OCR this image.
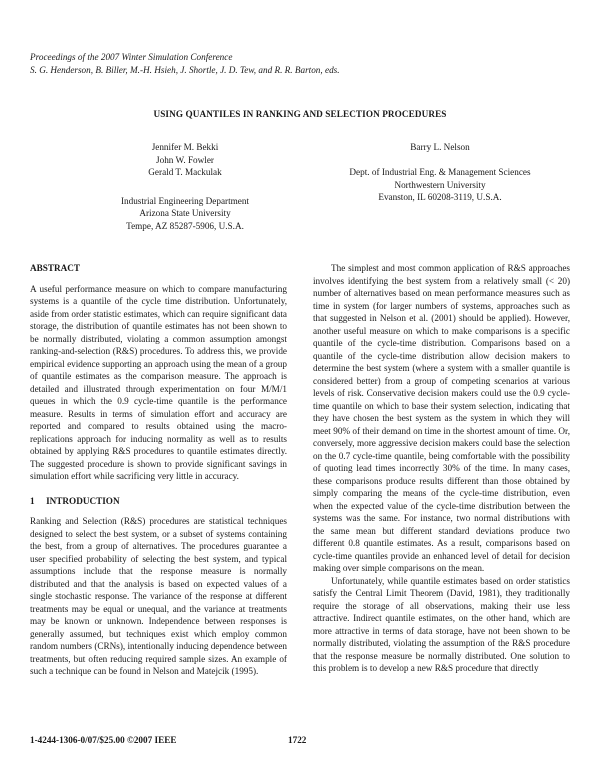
Proceedings of the 2007 Winter Simulation Conference
S. G. Henderson, B. Biller, M.-H. Hsieh, J. Shortle, J. D. Tew, and R. R. Barton, eds.
USING QUANTILES IN RANKING AND SELECTION PROCEDURES
Jennifer M. Bekki
John W. Fowler
Gerald T. Mackulak
Industrial Engineering Department
Arizona State University
Tempe, AZ 85287-5906, U.S.A.
Barry L. Nelson
Dept. of Industrial Eng. & Management Sciences
Northwestern University
Evanston, IL 60208-3119, U.S.A.
ABSTRACT

A useful performance measure on which to compare manufacturing systems is a quantile of the cycle time distribution. Unfortunately, aside from order statistic estimates, which can require significant data storage, the distribution of quantile estimates has not been shown to be normally distributed, violating a common assumption amongst ranking-and-selection (R&S) procedures. To address this, we provide empirical evidence supporting an approach using the mean of a group of quantile estimates as the comparison measure. The approach is detailed and illustrated through experimentation on four M/M/1 queues in which the 0.9 cycle-time quantile is the performance measure. Results in terms of simulation effort and accuracy are reported and compared to results obtained using the macro-replications approach for inducing normality as well as to results obtained by applying R&S procedures to quantile estimates directly. The suggested procedure is shown to provide significant savings in simulation effort while sacrificing very little in accuracy.

1     INTRODUCTION

Ranking and Selection (R&S) procedures are statistical techniques designed to select the best system, or a subset of systems containing the best, from a group of alternatives. The procedures guarantee a user specified probability of selecting the best system, and typical assumptions include that the response measure is normally distributed and that the analysis is based on expected values of a single stochastic response. The variance of the response at different treatments may be equal or unequal, and the variance at treatments may be known or unknown. Independence between responses is generally assumed, but techniques exist which employ common random numbers (CRNs), intentionally inducing dependence between treatments, but often reducing required sample sizes. An example of such a technique can be found in Nelson and Matejcik (1995).

The simplest and most common application of R&S approaches involves identifying the best system from a relatively small (< 20) number of alternatives based on mean performance measures such as time in system (for larger numbers of systems, approaches such as that suggested in Nelson et al. (2001) should be applied). However, another useful measure on which to make comparisons is a specific quantile of the cycle-time distribution. Comparisons based on a quantile of the cycle-time distribution allow decision makers to determine the best system (where a system with a smaller quantile is considered better) from a group of competing scenarios at various levels of risk. Conservative decision makers could use the 0.9 cycle-time quantile on which to base their system selection, indicating that they have chosen the best system as the system in which they will meet 90% of their demand on time in the shortest amount of time. Or, conversely, more aggressive decision makers could base the selection on the 0.7 cycle-time quantile, being comfortable with the possibility of quoting lead times incorrectly 30% of the time. In many cases, these comparisons produce results different than those obtained by simply comparing the means of the cycle-time distribution, even when the expected value of the cycle-time distribution between the systems was the same. For instance, two normal distributions with the same mean but different standard deviations produce two different 0.8 quantile estimates. As a result, comparisons based on cycle-time quantiles provide an enhanced level of detail for decision making over simple comparisons on the mean.

Unfortunately, while quantile estimates based on order statistics satisfy the Central Limit Theorem (David, 1981), they traditionally require the storage of all observations, making their use less attractive. Indirect quantile estimates, on the other hand, which are more attractive in terms of data storage, have not been shown to be normally distributed, violating the assumption of the R&S procedure that the response measure be normally distributed. One solution to this problem is to develop a new R&S procedure that directly

1-4244-1306-0/07/$25.00 ©2007 IEEE	1722
